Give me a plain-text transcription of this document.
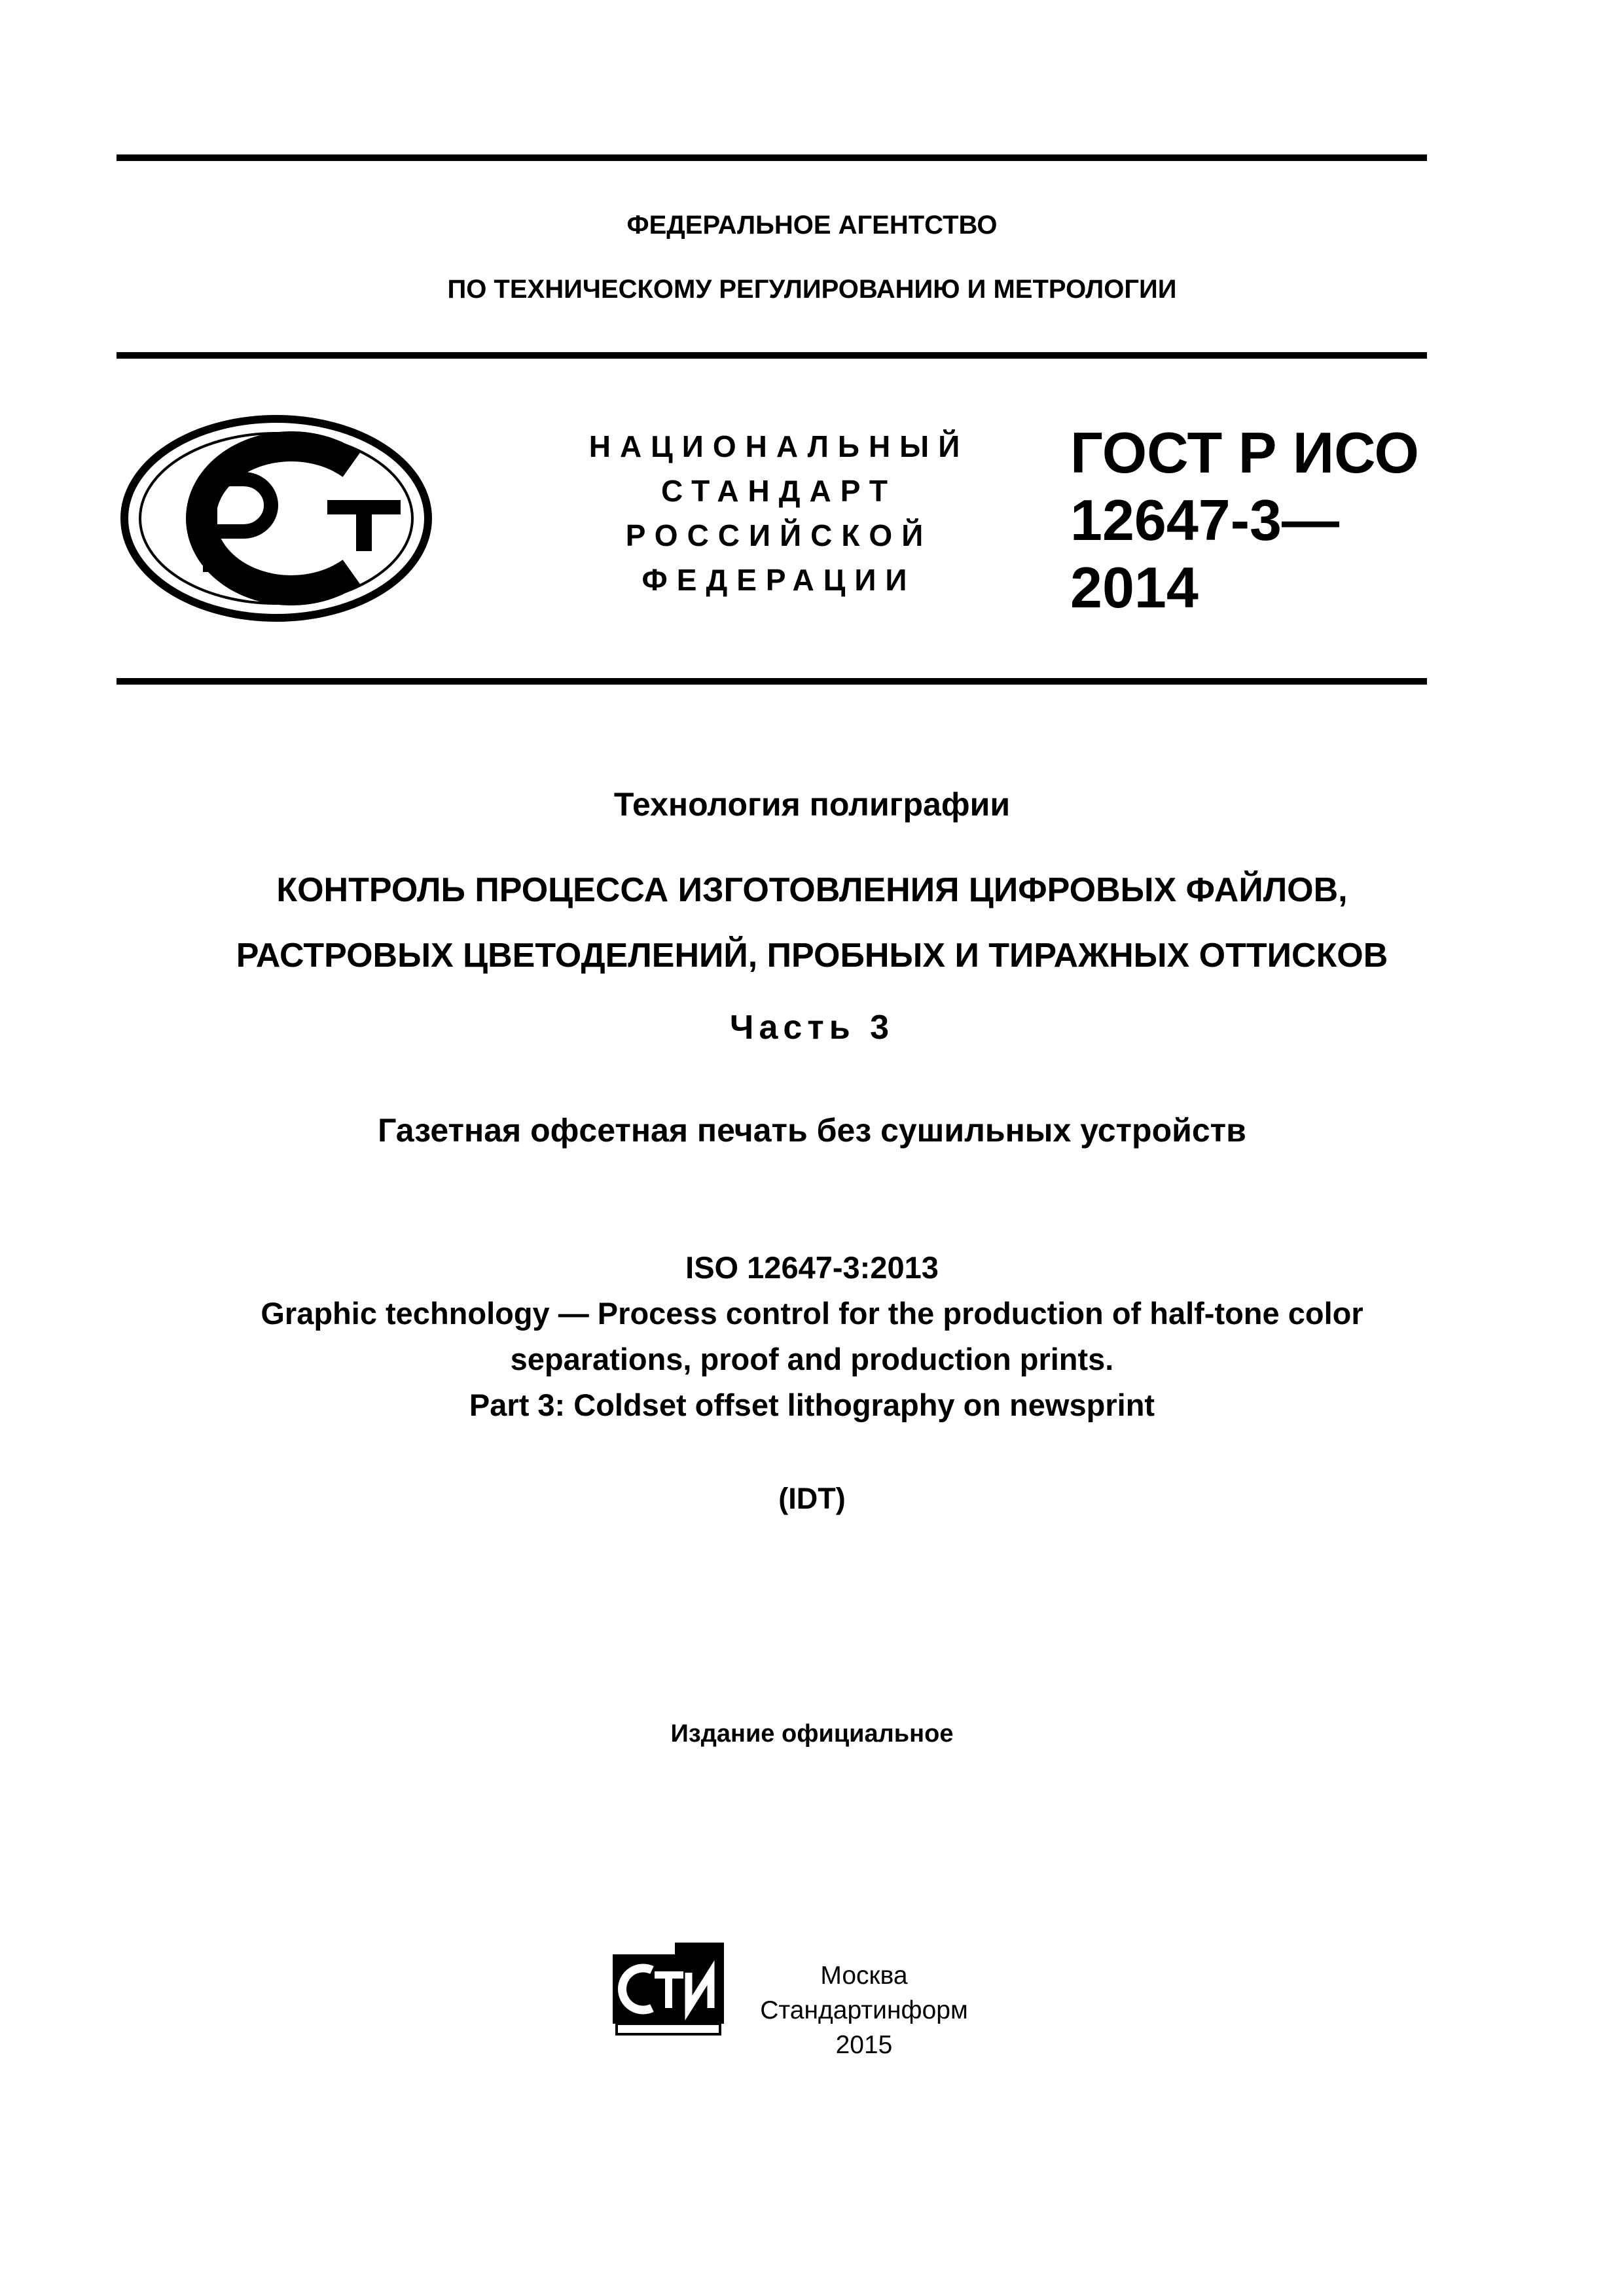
ФЕДЕРАЛЬНОЕ АГЕНТСТВО
ПО ТЕХНИЧЕСКОМУ РЕГУЛИРОВАНИЮ И МЕТРОЛОГИИ
НАЦИОНАЛЬНЫЙ
СТАНДАРТ
РОССИЙСКОЙ
ФЕДЕРАЦИИ
ГОСТ Р ИСО
12647-3—
2014
Технология полиграфии
КОНТРОЛЬ ПРОЦЕССА ИЗГОТОВЛЕНИЯ ЦИФРОВЫХ ФАЙЛОВ,
РАСТРОВЫХ ЦВЕТОДЕЛЕНИЙ, ПРОБНЫХ И ТИРАЖНЫХ ОТТИСКОВ
Часть 3
Газетная офсетная печать без сушильных устройств
ISO 12647-3:2013
Graphic technology — Process control for the production of half-tone color
separations, proof and production prints.
Part 3: Coldset offset lithography on newsprint
(IDT)
Издание официальное
Москва
Стандартинформ
2015
